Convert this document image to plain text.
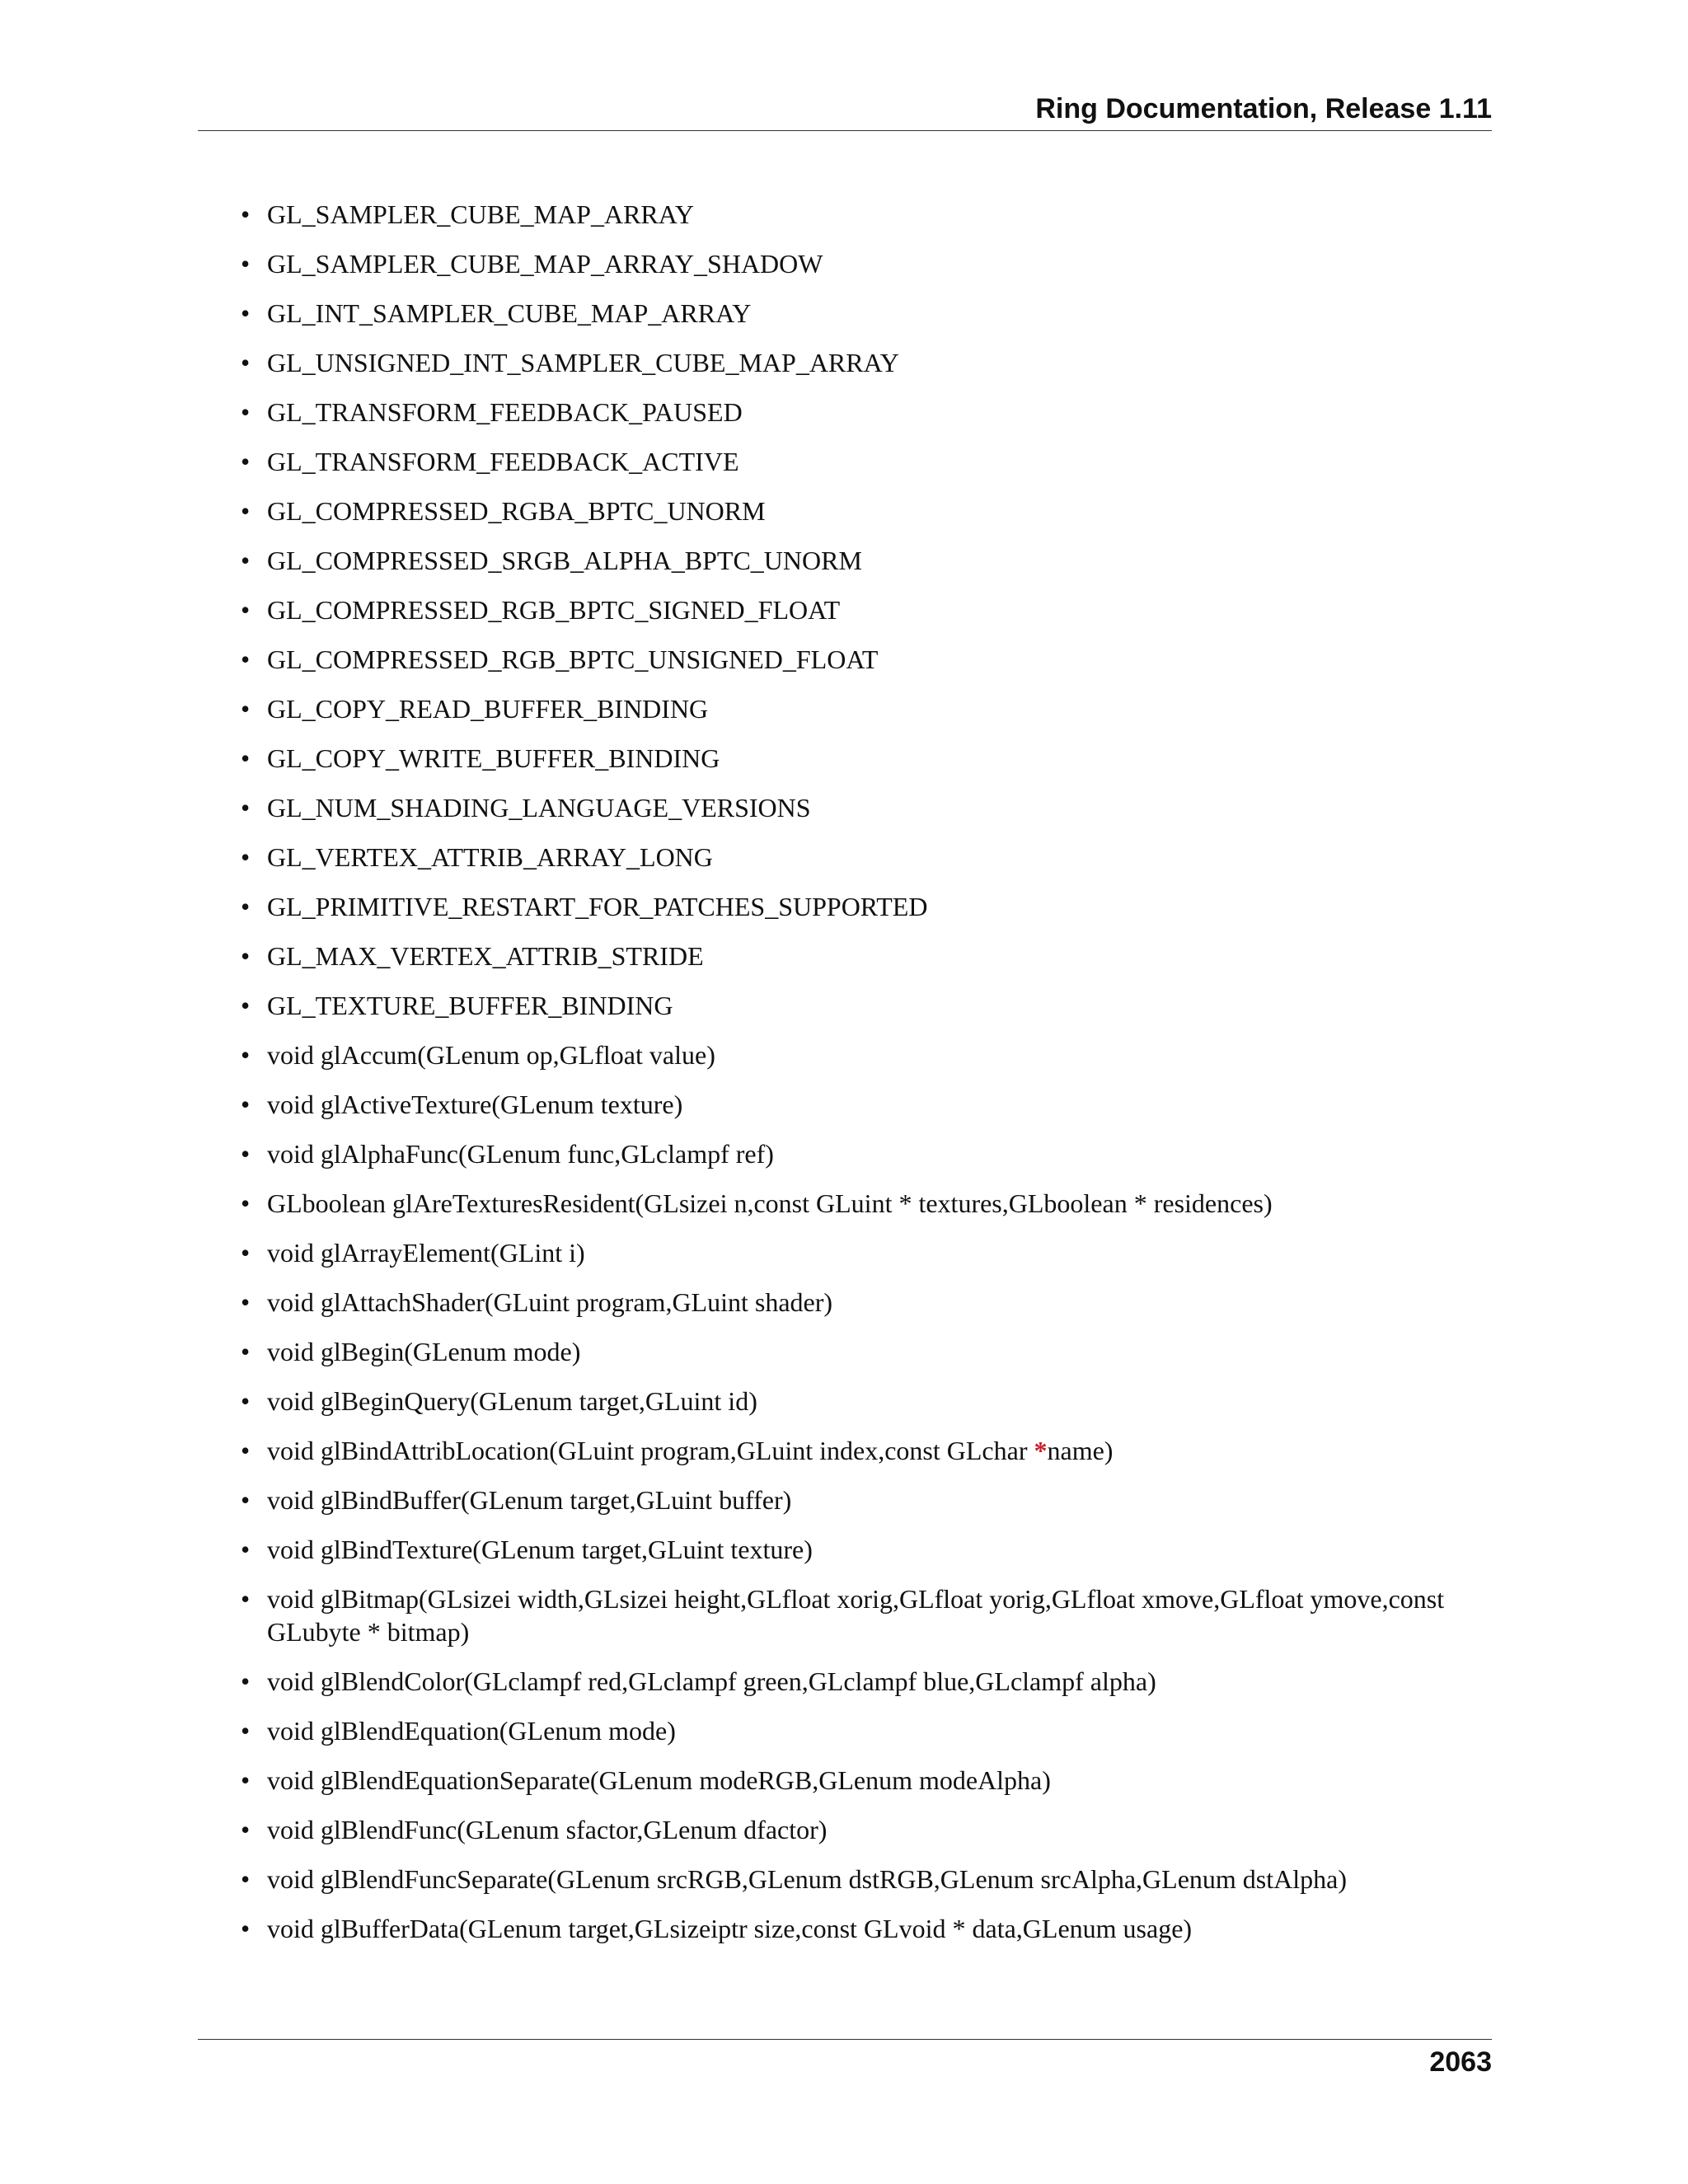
Ring Documentation, Release 1.11
• GL_SAMPLER_CUBE_MAP_ARRAY
• GL_SAMPLER_CUBE_MAP_ARRAY_SHADOW
• GL_INT_SAMPLER_CUBE_MAP_ARRAY
• GL_UNSIGNED_INT_SAMPLER_CUBE_MAP_ARRAY
• GL_TRANSFORM_FEEDBACK_PAUSED
• GL_TRANSFORM_FEEDBACK_ACTIVE
• GL_COMPRESSED_RGBA_BPTC_UNORM
• GL_COMPRESSED_SRGB_ALPHA_BPTC_UNORM
• GL_COMPRESSED_RGB_BPTC_SIGNED_FLOAT
• GL_COMPRESSED_RGB_BPTC_UNSIGNED_FLOAT
• GL_COPY_READ_BUFFER_BINDING
• GL_COPY_WRITE_BUFFER_BINDING
• GL_NUM_SHADING_LANGUAGE_VERSIONS
• GL_VERTEX_ATTRIB_ARRAY_LONG
• GL_PRIMITIVE_RESTART_FOR_PATCHES_SUPPORTED
• GL_MAX_VERTEX_ATTRIB_STRIDE
• GL_TEXTURE_BUFFER_BINDING
• void glAccum(GLenum op,GLfloat value)
• void glActiveTexture(GLenum texture)
• void glAlphaFunc(GLenum func,GLclampf ref)
• GLboolean glAreTexturesResident(GLsizei n,const GLuint * textures,GLboolean * residences)
• void glArrayElement(GLint i)
• void glAttachShader(GLuint program,GLuint shader)
• void glBegin(GLenum mode)
• void glBeginQuery(GLenum target,GLuint id)
• void glBindAttribLocation(GLuint program,GLuint index,const GLchar *name)
• void glBindBuffer(GLenum target,GLuint buffer)
• void glBindTexture(GLenum target,GLuint texture)
• void glBitmap(GLsizei width,GLsizei height,GLfloat xorig,GLfloat yorig,GLfloat xmove,GLfloat ymove,const GLubyte * bitmap)
• void glBlendColor(GLclampf red,GLclampf green,GLclampf blue,GLclampf alpha)
• void glBlendEquation(GLenum mode)
• void glBlendEquationSeparate(GLenum modeRGB,GLenum modeAlpha)
• void glBlendFunc(GLenum sfactor,GLenum dfactor)
• void glBlendFuncSeparate(GLenum srcRGB,GLenum dstRGB,GLenum srcAlpha,GLenum dstAlpha)
• void glBufferData(GLenum target,GLsizeiptr size,const GLvoid * data,GLenum usage)
2063
